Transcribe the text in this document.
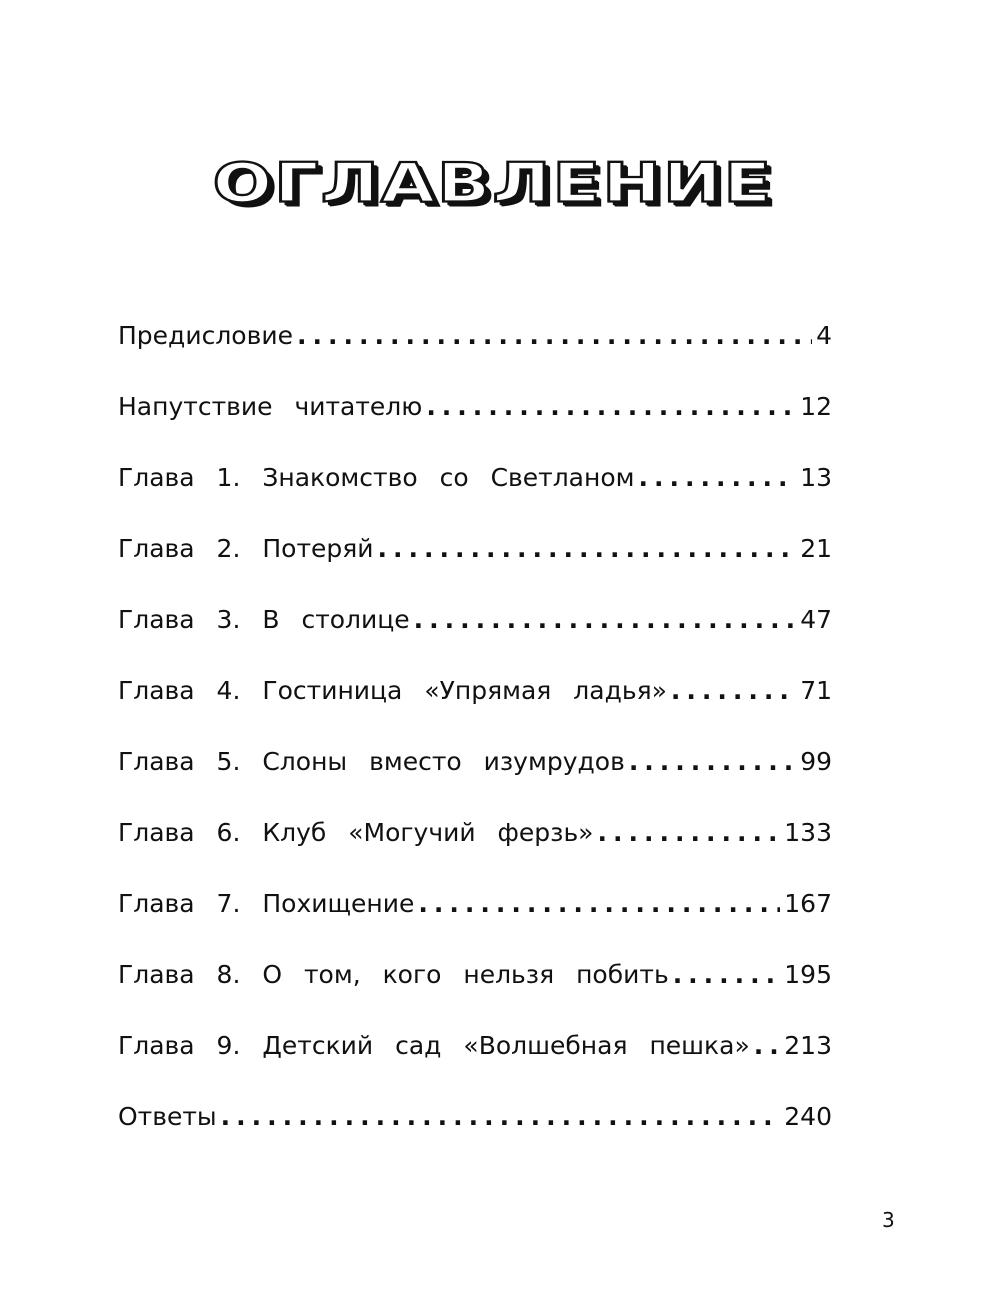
ОГЛАВЛЕНИЕ
Предисловие .....	4
Напутствие читателю .....	12
Глава 1. Знакомство со Светланом .....	13
Глава 2. Потеряй .....	21
Глава 3. В столице .....	47
Глава 4. Гостиница «Упрямая ладья» .....	71
Глава 5. Слоны вместо изумрудов .....	99
Глава 6. Клуб «Могучий ферзь» .....	133
Глава 7. Похищение .....	167
Глава 8. О том, кого нельзя побить .....	195
Глава 9. Детский сад «Волшебная пешка» ..... 213
Ответы .....	240
3
